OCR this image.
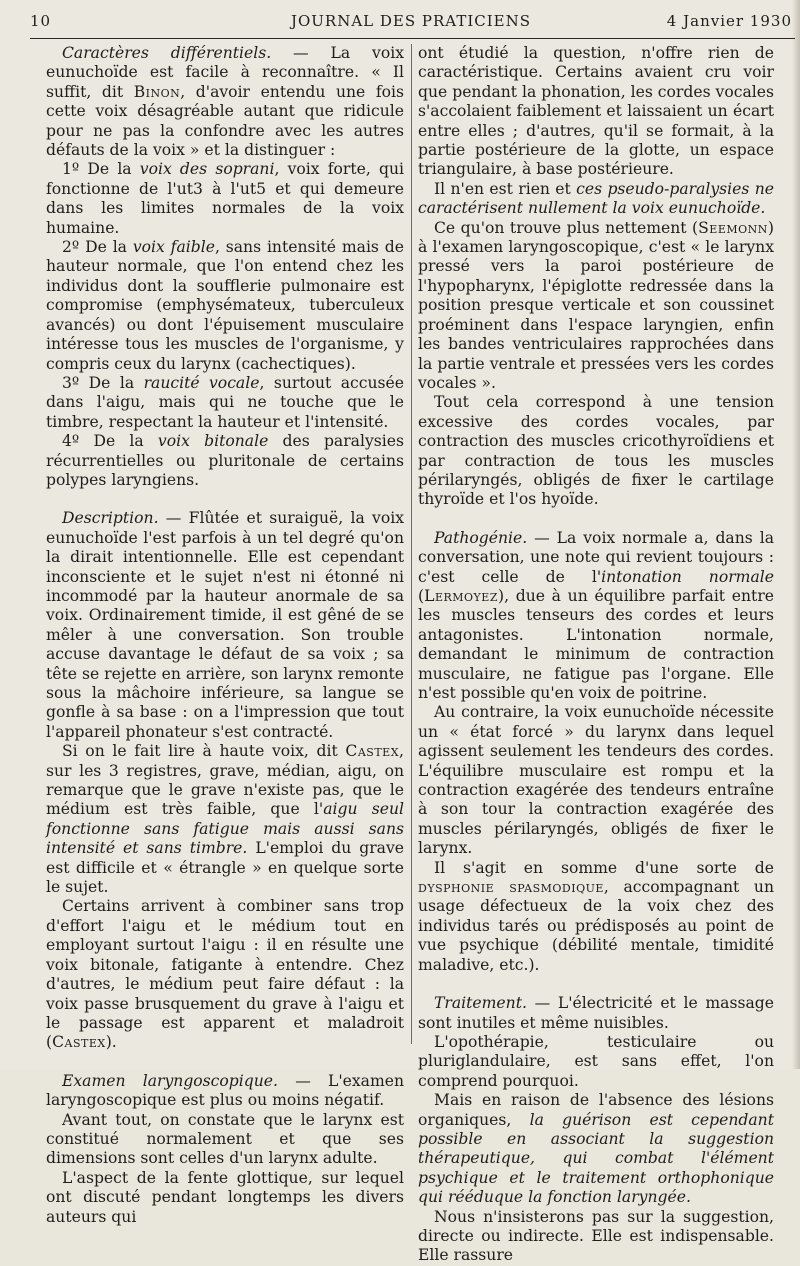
10	JOURNAL DES PRATICIENS	4 Janvier 1930

Caractères différentiels. — La voix eunuchoïde est facile à reconnaître. « Il suffit, dit Binon, d'avoir entendu une fois cette voix désagréable autant que ridicule pour ne pas la confondre avec les autres défauts de la voix » et la distinguer :

1º De la voix des soprani, voix forte, qui fonctionne de l'ut3 à l'ut5 et qui demeure dans les limites normales de la voix humaine.

2º De la voix faible, sans intensité mais de hauteur normale, que l'on entend chez les individus dont la soufflerie pulmonaire est compromise (emphysémateux, tuberculeux avancés) ou dont l'épuisement musculaire intéresse tous les muscles de l'organisme, y compris ceux du larynx (cachectiques).

3º De la raucité vocale, surtout accusée dans l'aigu, mais qui ne touche que le timbre, respectant la hauteur et l'intensité.

4º De la voix bitonale des paralysies récurrentielles ou pluritonale de certains polypes laryngiens.

Description. — Flûtée et suraiguë, la voix eunuchoïde l'est parfois à un tel degré qu'on la dirait intentionnelle. Elle est cependant inconsciente et le sujet n'est ni étonné ni incommodé par la hauteur anormale de sa voix. Ordinairement timide, il est gêné de se mêler à une conversation. Son trouble accuse davantage le défaut de sa voix ; sa tête se rejette en arrière, son larynx remonte sous la mâchoire inférieure, sa langue se gonfle à sa base : on a l'impression que tout l'appareil phonateur s'est contracté.

Si on le fait lire à haute voix, dit Castex, sur les 3 registres, grave, médian, aigu, on remarque que le grave n'existe pas, que le médium est très faible, que l'aigu seul fonctionne sans fatigue mais aussi sans intensité et sans timbre. L'emploi du grave est difficile et « étrangle » en quelque sorte le sujet.

Certains arrivent à combiner sans trop d'effort l'aigu et le médium tout en employant surtout l'aigu : il en résulte une voix bitonale, fatigante à entendre. Chez d'autres, le médium peut faire défaut : la voix passe brusquement du grave à l'aigu et le passage est apparent et maladroit (Castex).

Examen laryngoscopique. — L'examen laryngoscopique est plus ou moins négatif.

Avant tout, on constate que le larynx est constitué normalement et que ses dimensions sont celles d'un larynx adulte.

L'aspect de la fente glottique, sur lequel ont discuté pendant longtemps les divers auteurs qui

ont étudié la question, n'offre rien de caractéristique. Certains avaient cru voir que pendant la phonation, les cordes vocales s'accolaient faiblement et laissaient un écart entre elles ; d'autres, qu'il se formait, à la partie postérieure de la glotte, un espace triangulaire, à base postérieure.

Il n'en est rien et ces pseudo-paralysies ne caractérisent nullement la voix eunuchoïde.

Ce qu'on trouve plus nettement (Seemonn) à l'examen laryngoscopique, c'est « le larynx pressé vers la paroi postérieure de l'hypopharynx, l'épiglotte redressée dans la position presque verticale et son coussinet proéminent dans l'espace laryngien, enfin les bandes ventriculaires rapprochées dans la partie ventrale et pressées vers les cordes vocales ».

Tout cela correspond à une tension excessive des cordes vocales, par contraction des muscles cricothyroïdiens et par contraction de tous les muscles périlaryngés, obligés de fixer le cartilage thyroïde et l'os hyoïde.

Pathogénie. — La voix normale a, dans la conversation, une note qui revient toujours : c'est celle de l'intonation normale (Lermoyez), due à un équilibre parfait entre les muscles tenseurs des cordes et leurs antagonistes. L'intonation normale, demandant le minimum de contraction musculaire, ne fatigue pas l'organe. Elle n'est possible qu'en voix de poitrine.

Au contraire, la voix eunuchoïde nécessite un « état forcé » du larynx dans lequel agissent seulement les tendeurs des cordes. L'équilibre musculaire est rompu et la contraction exagérée des tendeurs entraîne à son tour la contraction exagérée des muscles périlaryngés, obligés de fixer le larynx.

Il s'agit en somme d'une sorte de dysphonie spasmodique, accompagnant un usage défectueux de la voix chez des individus tarés ou prédisposés au point de vue psychique (débilité mentale, timidité maladive, etc.).

Traitement. — L'électricité et le massage sont inutiles et même nuisibles.

L'opothérapie, testiculaire ou pluriglandulaire, est sans effet, l'on comprend pourquoi.

Mais en raison de l'absence des lésions organiques, la guérison est cependant possible en associant la suggestion thérapeutique, qui combat l'élément psychique et le traitement orthophonique qui rééduque la fonction laryngée.

Nous n'insisterons pas sur la suggestion, directe ou indirecte. Elle est indispensable. Elle rassure
